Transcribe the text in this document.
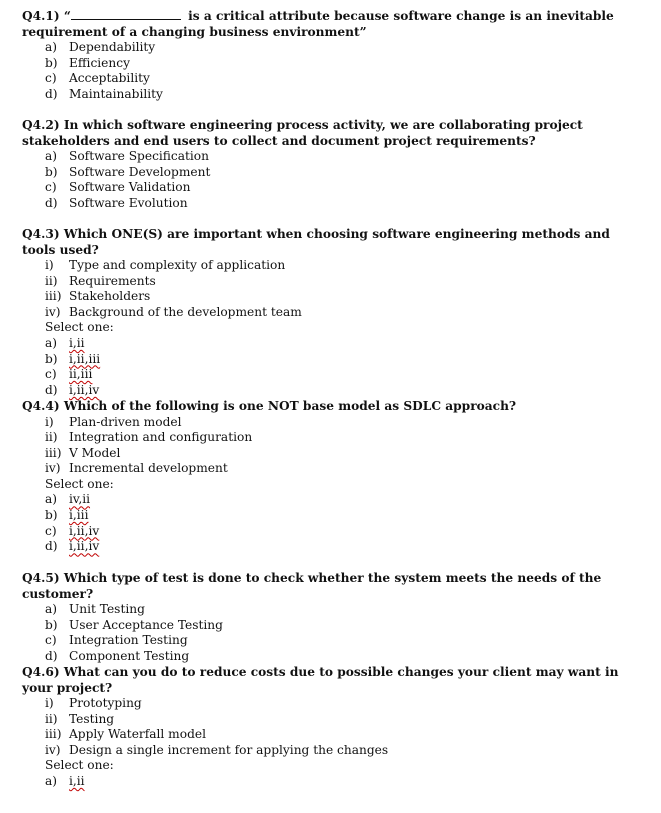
Q4.1) “	is a critical attribute because software change is an inevitable requirement of a changing business environment”
a) Dependability
b) Efficiency
c)	Acceptability
d) Maintainability
Q4.2) In which software engineering process activity, we are collaborating project stakeholders and end users to collect and document project requirements?
a) Software Specification
b) Software Development
c)	Software Validation
d) Software Evolution
Q4.3) Which ONE(S) are important when choosing software engineering methods and tools used?
i)	Type and complexity of application
ii) Requirements
iii) Stakeholders
iv) Background of the development team
Select one:
a) i,ii
b) i,ii,iii
c)	ii,iii
d) i,ii,iv
Q4.4) Which of the following is one NOT base model as SDLC approach?
i)	Plan-driven model
ii) Integration and configuration
iii) V Model
iv) Incremental development
Select one:
a) iv,ii
b) i,iii
c)	i,ii,iv
d) i,ii,iv
Q4.5) Which type of test is done to check whether the system meets the needs of the customer?
a) Unit Testing
b) User Acceptance Testing
c)	Integration Testing
d) Component Testing
Q4.6) What can you do to reduce costs due to possible changes your client may want in your project?
i)	Prototyping
ii) Testing
iii) Apply Waterfall model
iv) Design a single increment for applying the changes
Select one:
a) i,ii
